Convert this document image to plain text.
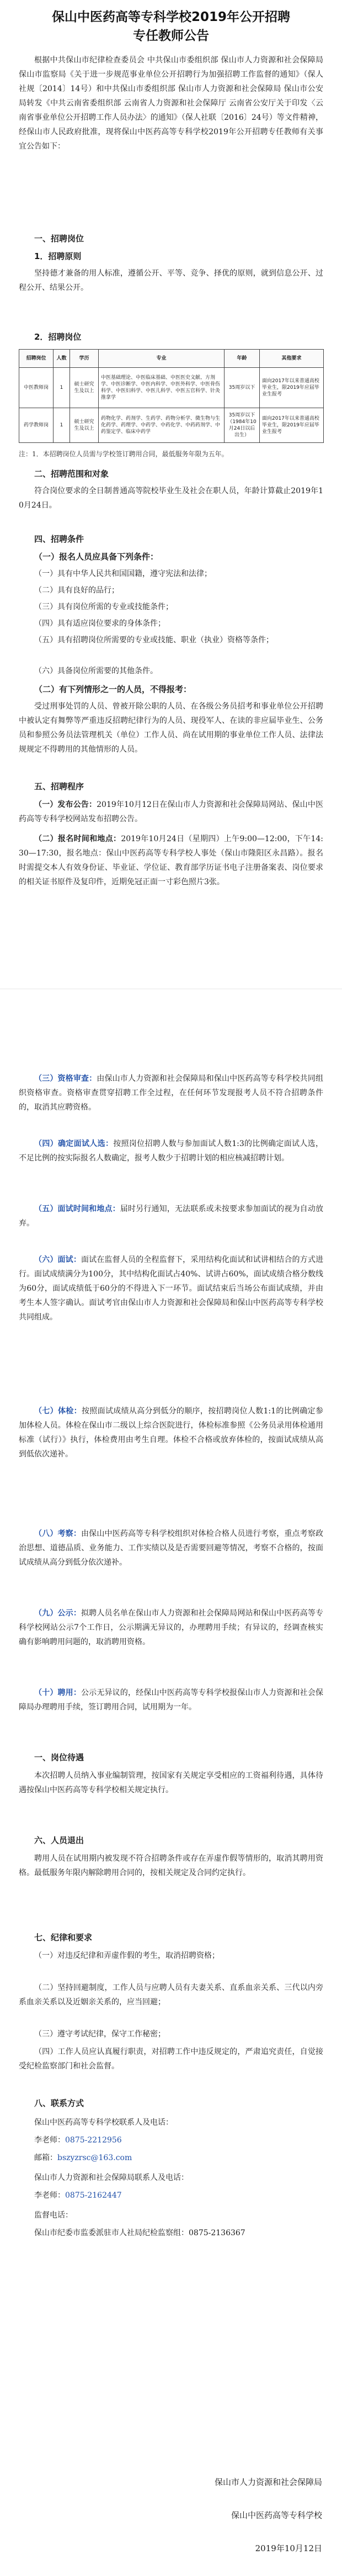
保山中医药高等专科学校2019年公开招聘
专任教师公告
根据中共保山市纪律检查委员会 中共保山市委组织部 保山市人力资源和社会保障局 保山市监察局《关于进一步规范事业单位公开招聘行为加强招聘工作监督的通知》（保人社规〔2014〕14号）和中共保山市委组织部 保山市人力资源和社会保障局 保山市公安局转发《中共云南省委组织部 云南省人力资源和社会保障厅 云南省公安厅关于印发〈云南省事业单位公开招聘工作人员办法〉的通知》（保人社联〔2016〕24号）等文件精神，经保山市人民政府批准，现将保山中医药高等专科学校2019年公开招聘专任教师有关事宜公告如下：
一、招聘岗位
1．招聘原则
坚持德才兼备的用人标准，遵循公开、平等、竞争、择优的原则，就到信息公开、过程公开、结果公开。
2．招聘岗位
招聘岗位	人数	学历	专业	年龄	其他要求
中医教师岗	1	硕士研究生及以上	中医基础理论、中医临床基础、中医医史文献、方剂学、中医诊断学、中医内科学、中医外科学、中医骨伤科学、中医妇科学、中医儿科学、中医五官科学、针灸推拿学	35周岁以下	面向2017年以来普通高校毕业生，限2019年应届毕业生报考
药学教师岗	1	硕士研究生及以上	药物化学、药剂学、生药学、药物分析学、微生物与生化药学、药理学、中药学、中药化学、中药药剂学、中药鉴定学、临床中药学	35周岁以下（1984年10月24日以后出生）	面向2017年以来普通高校毕业生，限2019年应届毕业生报考
注：1．本招聘岗位人员需与学校签订聘用合同，最低服务年限为五年。
二、招聘范围和对象
符合岗位要求的全日制普通高等院校毕业生及社会在职人员，年龄计算截止2019年10月24日。
四、招聘条件
（一）报名人员应具备下列条件：
（一）具有中华人民共和国国籍，遵守宪法和法律；
（二）具有良好的品行；
（三）具有岗位所需的专业或技能条件；
（四）具有适应岗位要求的身体条件；
（五）具有招聘岗位所需要的专业或技能、职业（执业）资格等条件；
（六）具备岗位所需要的其他条件。
（二）有下列情形之一的人员，不得报考：
受过刑事处罚的人员、曾被开除公职的人员、在各级公务员招考和事业单位公开招聘中被认定有舞弊等严重违反招聘纪律行为的人员、现役军人、在读的非应届毕业生、公务员和参照公务员法管理机关（单位）工作人员、尚在试用期的事业单位工作人员、法律法规规定不得聘用的其他情形的人员。
五、招聘程序
（一）发布公告：2019年10月12日在保山市人力资源和社会保障局网站、保山中医药高等专科学校网站发布招聘公告。
（二）报名时间和地点：2019年10月24日（星期四）上午9:00—12:00，下午14:30—17:30，报名地点：保山中医药高等专科学校人事处（保山市隆阳区永昌路）。报名时需提交本人有效身份证、毕业证、学位证、教育部学历证书电子注册备案表、岗位要求的相关证书原件及复印件，近期免冠正面一寸彩色照片3张。
（三）资格审查：由保山市人力资源和社会保障局和保山中医药高等专科学校共同组织资格审查。资格审查贯穿招聘工作全过程，在任何环节发现报考人员不符合招聘条件的，取消其应聘资格。
（四）确定面试人选：按照岗位招聘人数与参加面试人数1:3的比例确定面试人选，不足比例的按实际报名人数确定，报考人数少于招聘计划的相应核减招聘计划。
（五）面试时间和地点：届时另行通知，无法联系或未按要求参加面试的视为自动放弃。
（六）面试：面试在监督人员的全程监督下，采用结构化面试和试讲相结合的方式进行。面试成绩满分为100分，其中结构化面试占40%、试讲占60%，面试成绩合格分数线为60分，面试成绩低于60分的不得进入下一环节。面试结束后当场公布面试成绩，并由考生本人签字确认。面试考官由保山市人力资源和社会保障局和保山中医药高等专科学校共同组成。
（七）体检：按照面试成绩从高分到低分的顺序，按招聘岗位人数1:1的比例确定参加体检人员。体检在保山市二级以上综合医院进行，体检标准参照《公务员录用体检通用标准（试行）》执行，体检费用由考生自理。体检不合格或放弃体检的，按面试成绩从高到低依次递补。
（八）考察：由保山中医药高等专科学校组织对体检合格人员进行考察，重点考察政治思想、道德品质、业务能力、工作实绩以及是否需要回避等情况，考察不合格的，按面试成绩从高分到低分依次递补。
（九）公示：拟聘人员名单在保山市人力资源和社会保障局网站和保山中医药高等专科学校网站公示7个工作日，公示期满无异议的，办理聘用手续；有异议的，经调查核实确有影响聘用问题的，取消聘用资格。
（十）聘用：公示无异议的，经保山中医药高等专科学校报保山市人力资源和社会保障局办理聘用手续，签订聘用合同，试用期为一年。
一、岗位待遇
本次招聘人员纳入事业编制管理，按国家有关规定享受相应的工资福利待遇，具体待遇按保山中医药高等专科学校相关规定执行。
六、人员退出
聘用人员在试用期内被发现不符合招聘条件或存在弄虚作假等情形的，取消其聘用资格。最低服务年限内解除聘用合同的，按相关规定及合同约定执行。
七、纪律和要求
（一）对违反纪律和弄虚作假的考生，取消招聘资格；
（二）坚持回避制度，工作人员与应聘人员有夫妻关系、直系血亲关系、三代以内旁系血亲关系以及近姻亲关系的，应当回避；
（三）遵守考试纪律，保守工作秘密；
（四）工作人员应认真履行职责，对招聘工作中违反规定的，严肃追究责任，自觉接受纪检监察部门和社会监督。
八、联系方式
保山中医药高等专科学校联系人及电话：
李老师：0875-2212956
邮箱：bszyzrsc@163.com
保山市人力资源和社会保障局联系人及电话：
李老师：0875-2162447
监督电话：
保山市纪委市监委派驻市人社局纪检监察组：0875-2136367
保山市人力资源和社会保障局
保山中医药高等专科学校
2019年10月12日
